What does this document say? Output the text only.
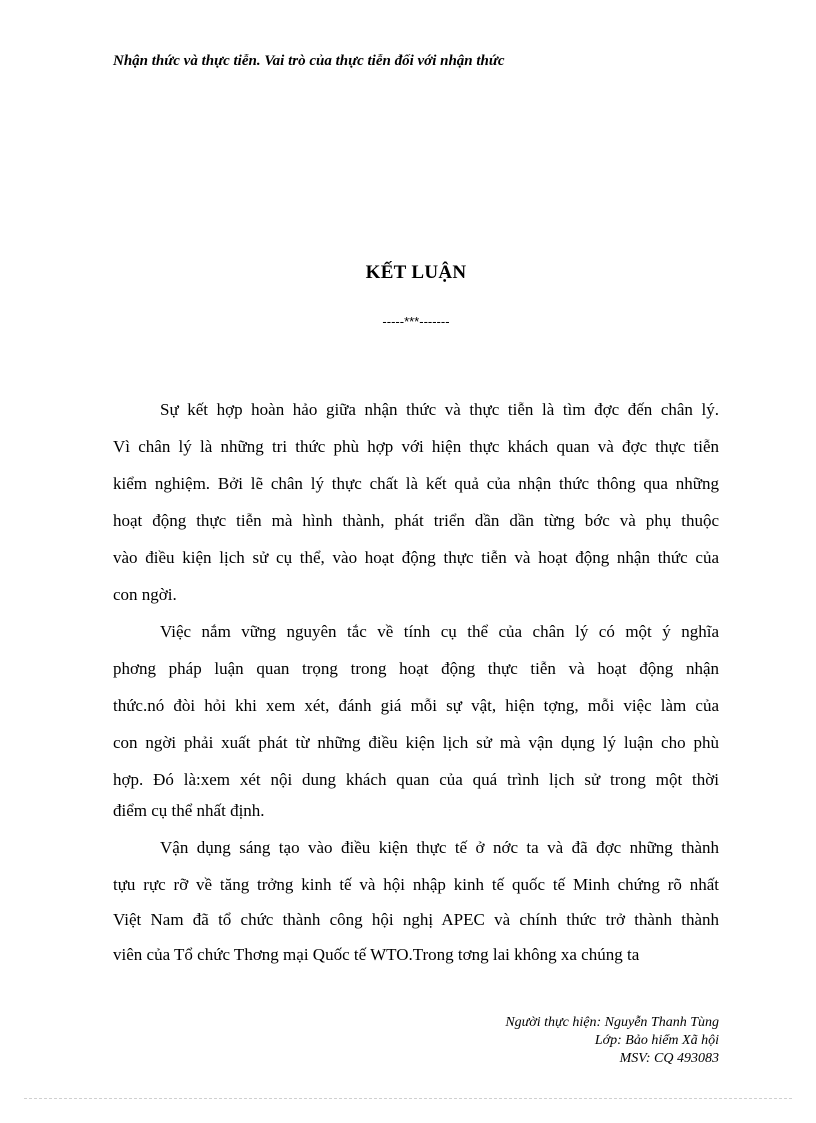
Nhận thức và thực tiễn. Vai trò của thực tiễn đối với nhận thức
KẾT LUẬN
-----***-------
Sự kết hợp hoàn hảo giữa nhận thức và thực tiễn là tìm đợc đến chân lý.
Vì chân lý là những tri thức phù hợp với hiện thực khách quan và đợc thực tiễn
kiểm nghiệm. Bởi lẽ chân lý thực chất là kết quả của nhận thức thông qua những
hoạt động thực tiễn mà hình thành, phát triển dần dần từng bớc và phụ thuộc
vào điều kiện lịch sử cụ thể, vào hoạt động thực tiễn và hoạt động nhận thức của
con ngời.
Việc nắm vững nguyên tắc về tính cụ thể của chân lý có một ý nghĩa
phơng pháp luận quan trọng trong hoạt động thực tiễn và hoạt động nhận
thức.nó đòi hỏi khi xem xét, đánh giá mỗi sự vật, hiện tợng, mỗi việc làm của
con ngời phải xuất phát từ những điều kiện lịch sử mà vận dụng lý luận cho phù
hợp. Đó là:xem xét nội dung khách quan của quá trình lịch sử trong một thời
điểm cụ thể nhất định.
Vận dụng sáng tạo vào điều kiện thực tế ở nớc ta và đã đợc những thành
tựu rực rỡ về tăng trởng kinh tế và hội nhập kinh tế quốc tế Minh chứng rõ nhất
Việt Nam đã tổ chức thành công hội nghị APEC và chính thức trở thành thành
viên của Tổ chức Thơng mại Quốc tế WTO.Trong tơng lai không xa chúng ta
Người thực hiện: Nguyễn Thanh Tùng
Lớp: Bảo hiểm Xã hội
MSV: CQ 493083
